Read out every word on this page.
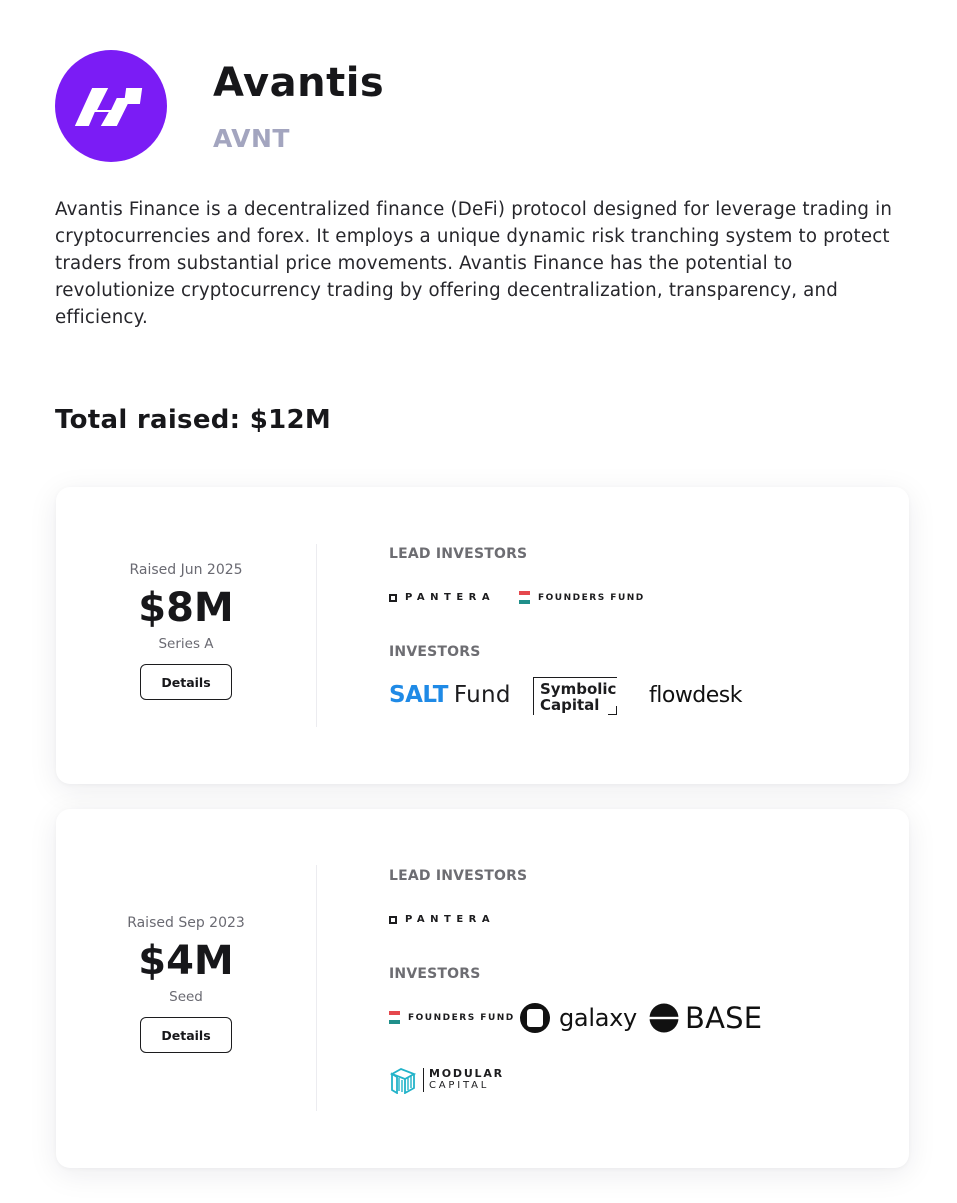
Avantis
AVNT

Avantis Finance is a decentralized finance (DeFi) protocol designed for leverage trading in cryptocurrencies and forex. It employs a unique dynamic risk tranching system to protect traders from substantial price movements. Avantis Finance has the potential to revolutionize cryptocurrency trading by offering decentralization, transparency, and efficiency.

Total raised: $12M
Raised Jun 2025
$8M
Series A
Details
LEAD INVESTORS
PANTERA	FOUNDERS FUND
INVESTORS
SALT Fund Symbolic
Capital	flowdesk
Raised Sep 2023
$4M
Seed
Details
LEAD INVESTORS
PANTERA
INVESTORS
FOUNDERS FUND galaxy BASE
MODULAR
CAPITAL
